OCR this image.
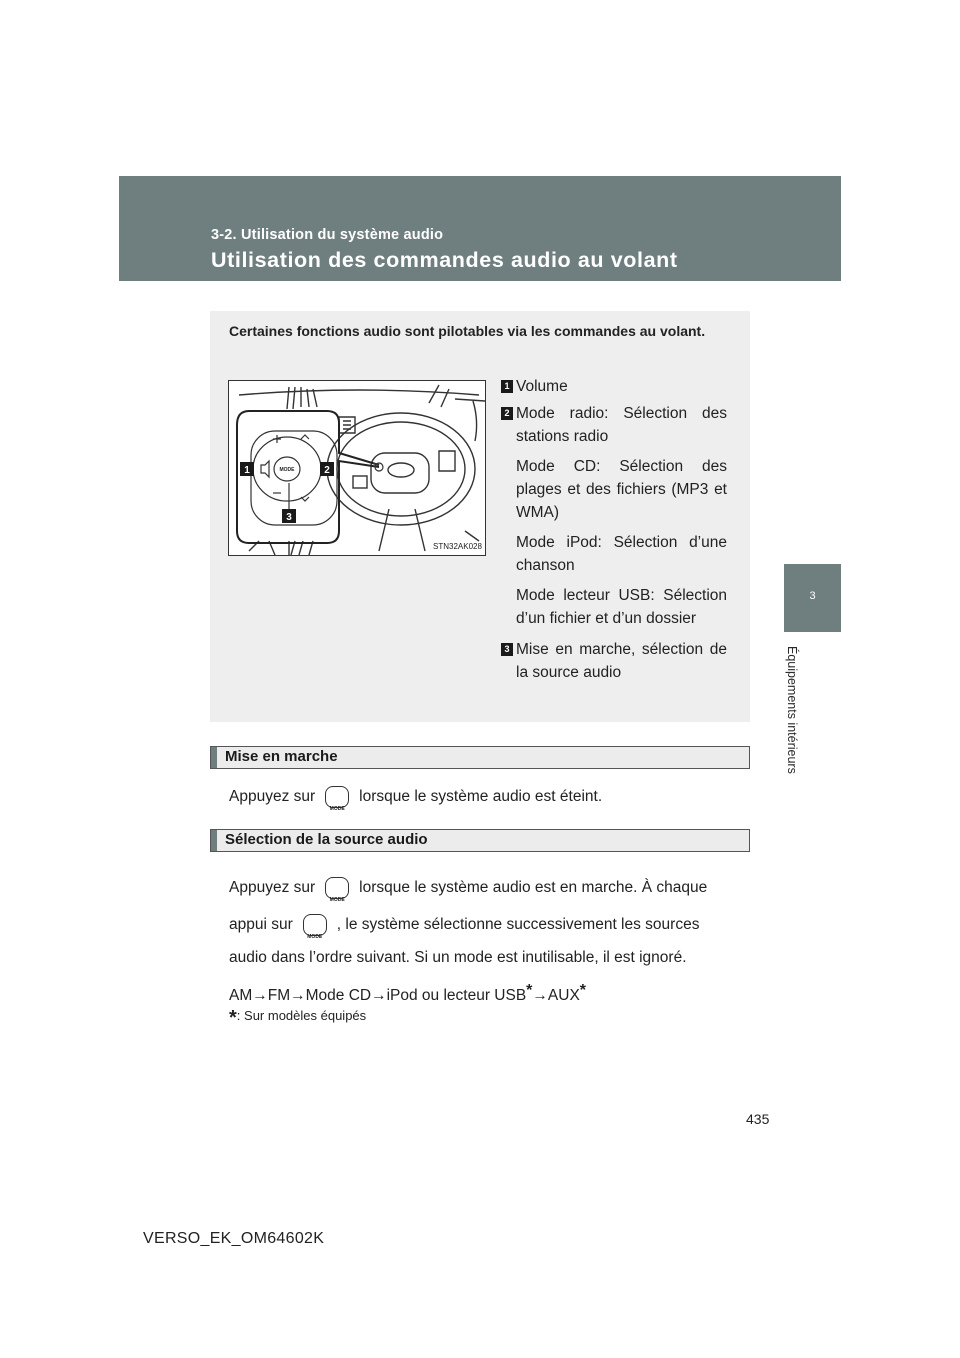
3-2. Utilisation du système audio
Utilisation des commandes audio au volant
3
Équipements intérieurs
Certaines fonctions audio sont pilotables via les commandes au volant.
MODE
1	2
3
STN32AK028
1 Volume
2 Mode radio: Sélection des stations radio
Mode CD: Sélection des plages et des fichiers (MP3 et WMA)
Mode iPod: Sélection d’une chanson
Mode lecteur USB: Sélection d’un fichier et d’un dossier
3 Mise en marche, sélection de la source audio
Mise en marche
Appuyez sur
MODE
lorsque le système audio est éteint.
Sélection de la source audio
Appuyez sur
MODE
lorsque le système audio est en marche. À chaque
appui sur
MODE
, le système sélectionne successivement les sources
audio dans l’ordre suivant. Si un mode est inutilisable, il est ignoré.
AM→FM→Mode CD→iPod ou lecteur USB*→AUX*
*: Sur modèles équipés
435
VERSO_EK_OM64602K
